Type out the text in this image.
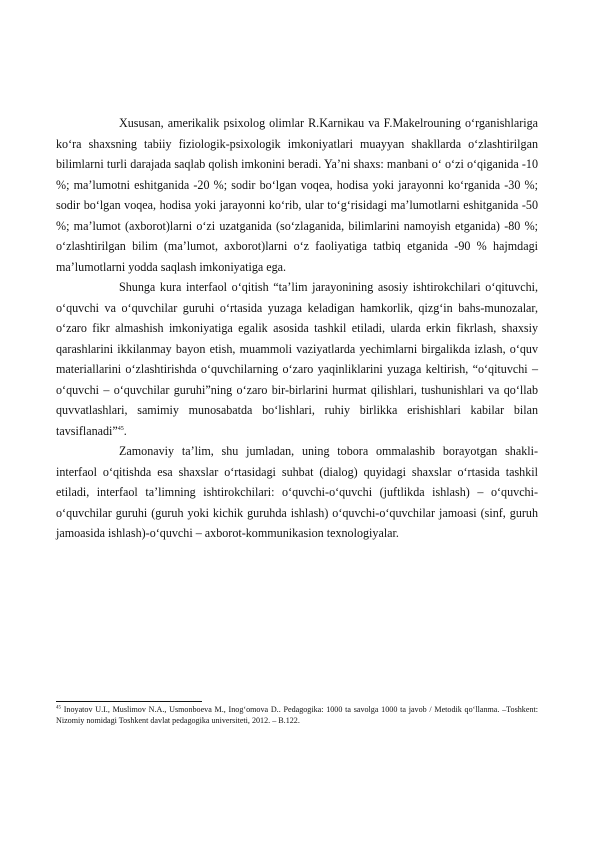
Xususan, amerikalik psixolog olimlar R.Karnikau va F.Makelrouning o‘rganishlariga ko‘ra shaxsning tabiiy fiziologik-psixologik imkoniyatlari muayyan shakllarda o‘zlashtirilgan bilimlarni turli darajada saqlab qolish imkonini beradi. Ya’ni shaxs: manbani o‘ o‘zi o‘qiganida -10 %; ma’lumotni eshitganida -20 %; sodir bo‘lgan voqea, hodisa yoki jarayonni ko‘rganida -30 %; sodir bo‘lgan voqea, hodisa yoki jarayonni ko‘rib, ular to‘g‘risidagi ma’lumotlarni eshitganida -50 %; ma’lumot (axborot)larni o‘zi uzatganida (so‘zlaganida, bilimlarini namoyish etganida) -80 %; o‘zlashtirilgan bilim (ma’lumot, axborot)larni o‘z faoliyatiga tatbiq etganida -90 % hajmdagi ma’lumotlarni yodda saqlash imkoniyatiga ega.

Shunga kura interfaol o‘qitish “ta’lim jarayonining asosiy ishtirokchilari o‘qituvchi, o‘quvchi va o‘quvchilar guruhi o‘rtasida yuzaga keladigan hamkorlik, qizg‘in bahs-munozalar, o‘zaro fikr almashish imkoniyatiga egalik asosida tashkil etiladi, ularda erkin fikrlash, shaxsiy qarashlarini ikkilanmay bayon etish, muammoli vaziyatlarda yechimlarni birgalikda izlash, o‘quv materiallarini o‘zlashtirishda o‘quvchilarning o‘zaro yaqinliklarini yuzaga keltirish, “o‘qituvchi – o‘quvchi – o‘quvchilar guruhi”ning o‘zaro bir-birlarini hurmat qilishlari, tushunishlari va qo‘llab quvvatlashlari, samimiy munosabatda bo‘lishlari, ruhiy birlikka erishishlari kabilar bilan tavsiflanadi”$^{45}$.

Zamonaviy ta’lim, shu jumladan, uning tobora ommalashib borayotgan shakli-interfaol o‘qitishda esa shaxslar o‘rtasidagi suhbat (dialog) quyidagi shaxslar o‘rtasida tashkil etiladi, interfaol ta’limning ishtirokchilari: o‘quvchi-o‘quvchi (juftlikda ishlash) – o‘quvchi-o‘quvchilar guruhi (guruh yoki kichik guruhda ishlash) o‘quvchi-o‘quvchilar jamoasi (sinf, guruh jamoasida ishlash)-o‘quvchi – axborot-kommunikasion texnologiyalar.

$^{45}$ Inoyatov U.I., Muslimov N.A., Usmonboeva M., Inog‘omova D.. Pedagogika: 1000 ta savolga 1000 ta javob / Metodik qo‘llanma. –Toshkent: Nizomiy nomidagi Toshkent davlat pedagogika universiteti, 2012. – B.122.
